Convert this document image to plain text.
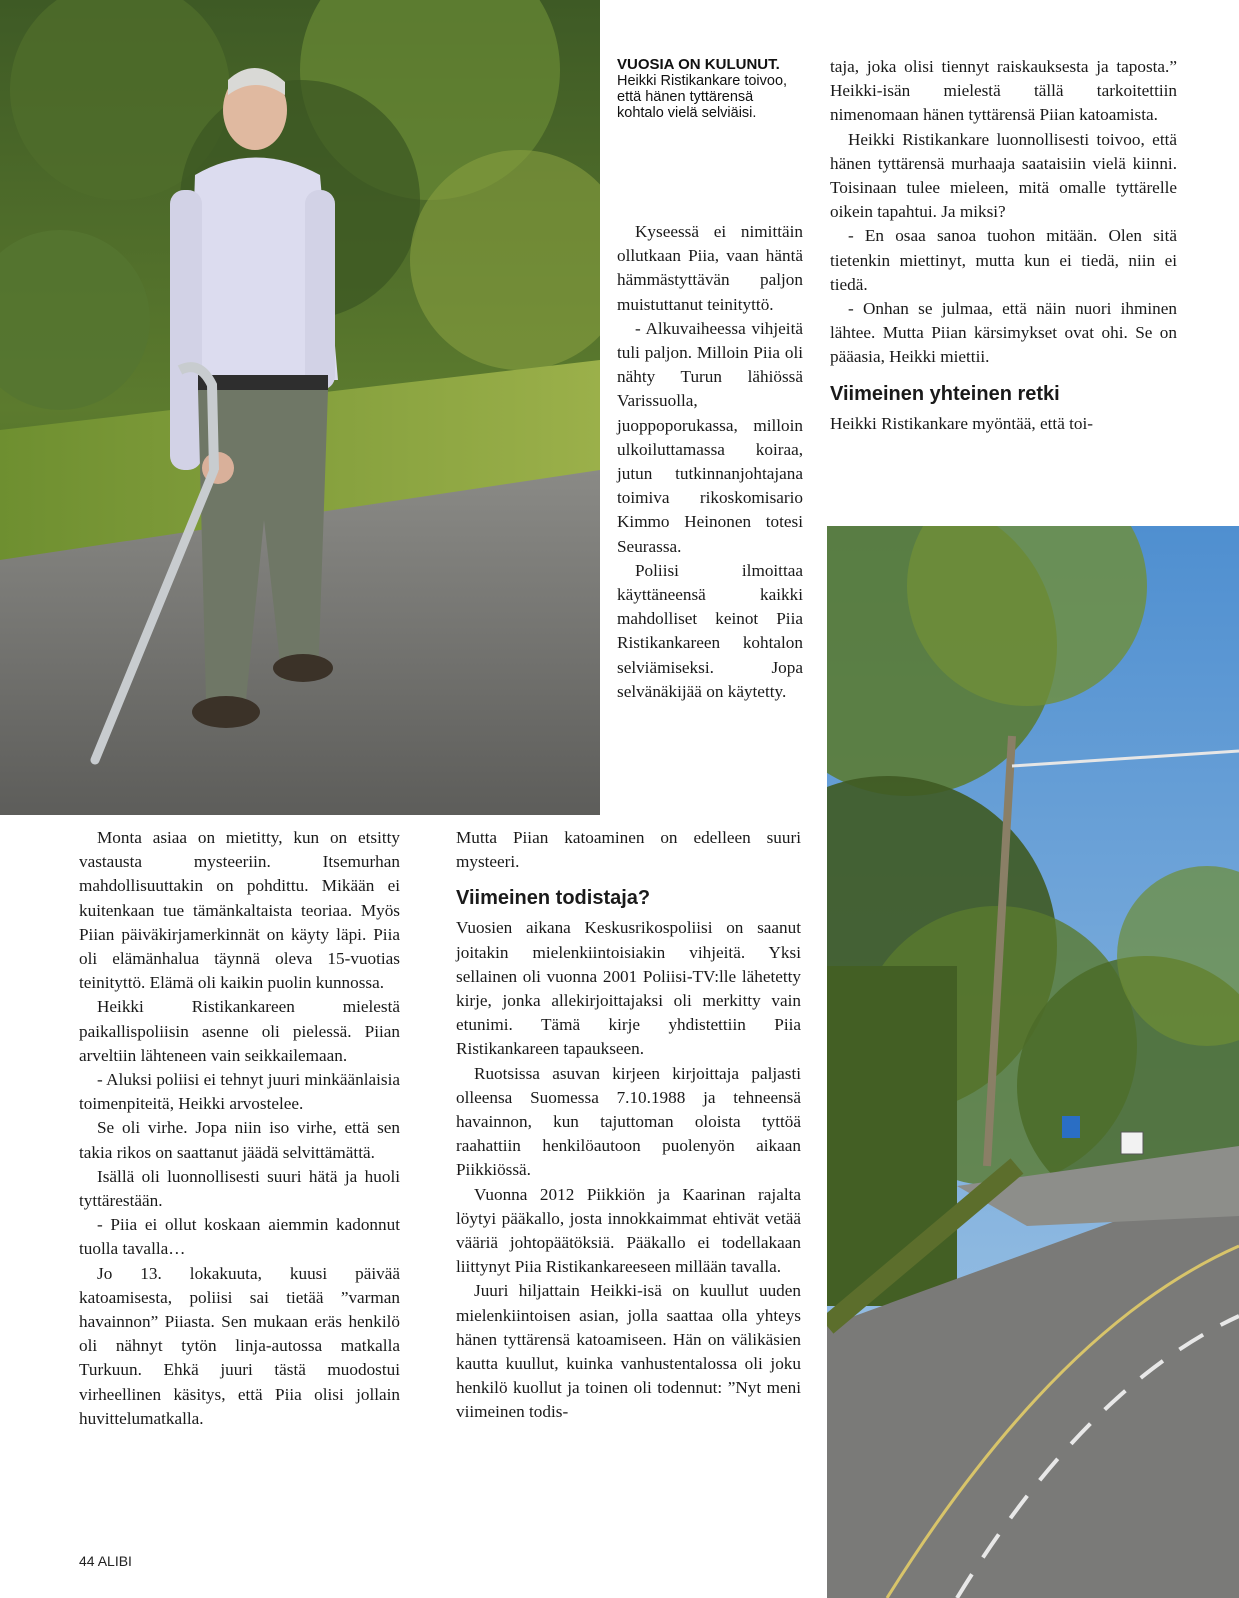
VUOSIA ON KULUNUT.
Heikki Ristikankare toivoo, että hänen tyttärensä kohtalo vielä selviäisi.

Kyseessä ei nimittäin ollutkaan Piia, vaan häntä hämmästyttävän paljon muistuttanut teinityttö.

- Alkuvaiheessa vihjeitä tuli paljon. Milloin Piia oli nähty Turun lähiössä Varissuolla, juoppoporukassa, milloin ulkoiluttamassa koiraa, jutun tutkinnanjohtajana toimiva rikoskomisario Kimmo Heinonen totesi Seurassa.

Poliisi ilmoittaa käyttäneensä kaikki mahdolliset keinot Piia Ristikankareen kohtalon selviämiseksi. Jopa selvänäkijää on käytetty.

Monta asiaa on mietitty, kun on etsitty vastausta mysteeriin. Itsemurhan mahdollisuuttakin on pohdittu. Mikään ei kuitenkaan tue tämänkaltaista teoriaa. Myös Piian päiväkirjamerkinnät on käyty läpi. Piia oli elämänhalua täynnä oleva 15-vuotias teinityttö. Elämä oli kaikin puolin kunnossa.

Heikki Ristikankareen mielestä paikallispoliisin asenne oli pielessä. Piian arveltiin lähteneen vain seikkailemaan.

- Aluksi poliisi ei tehnyt juuri minkäänlaisia toimenpiteitä, Heikki arvostelee.

Se oli virhe. Jopa niin iso virhe, että sen takia rikos on saattanut jäädä selvittämättä.

Isällä oli luonnollisesti suuri hätä ja huoli tyttärestään.

- Piia ei ollut koskaan aiemmin kadonnut tuolla tavalla…

Jo 13. lokakuuta, kuusi päivää katoamisesta, poliisi sai tietää ”varman havainnon” Piiasta. Sen mukaan eräs henkilö oli nähnyt tytön linja-autossa matkalla Turkuun. Ehkä juuri tästä muodostui virheellinen käsitys, että Piia olisi jollain huvittelumatkalla.

Mutta Piian katoaminen on edelleen suuri mysteeri.

Viimeinen todistaja?

Vuosien aikana Keskusrikospoliisi on saanut joitakin mielenkiintoisiakin vihjeitä. Yksi sellainen oli vuonna 2001 Poliisi-TV:lle lähetetty kirje, jonka allekirjoittajaksi oli merkitty vain etunimi. Tämä kirje yhdistettiin Piia Ristikankareen tapaukseen.

Ruotsissa asuvan kirjeen kirjoittaja paljasti olleensa Suomessa 7.10.1988 ja tehneensä havainnon, kun tajuttoman oloista tyttöä raahattiin henkilöautoon puolenyön aikaan Piikkiössä.

Vuonna 2012 Piikkiön ja Kaarinan rajalta löytyi pääkallo, josta innokkaimmat ehtivät vetää vääriä johtopäätöksiä. Pääkallo ei todellakaan liittynyt Piia Ristikankareeseen millään tavalla.

Juuri hiljattain Heikki-isä on kuullut uuden mielenkiintoisen asian, jolla saattaa olla yhteys hänen tyttärensä katoamiseen. Hän on välikäsien kautta kuullut, kuinka vanhustentalossa oli joku henkilö kuollut ja toinen oli todennut: ”Nyt meni viimeinen todis-

taja, joka olisi tiennyt raiskauksesta ja taposta.” Heikki-isän mielestä tällä tarkoitettiin nimenomaan hänen tyttärensä Piian katoamista.

Heikki Ristikankare luonnollisesti toivoo, että hänen tyttärensä murhaaja saataisiin vielä kiinni. Toisinaan tulee mieleen, mitä omalle tyttärelle oikein tapahtui. Ja miksi?

- En osaa sanoa tuohon mitään. Olen sitä tietenkin miettinyt, mutta kun ei tiedä, niin ei tiedä.

- Onhan se julmaa, että näin nuori ihminen lähtee. Mutta Piian kärsimykset ovat ohi. Se on pääasia, Heikki miettii.

Viimeinen yhteinen retki

Heikki Ristikankare myöntää, että toi-

44 ALIBI
